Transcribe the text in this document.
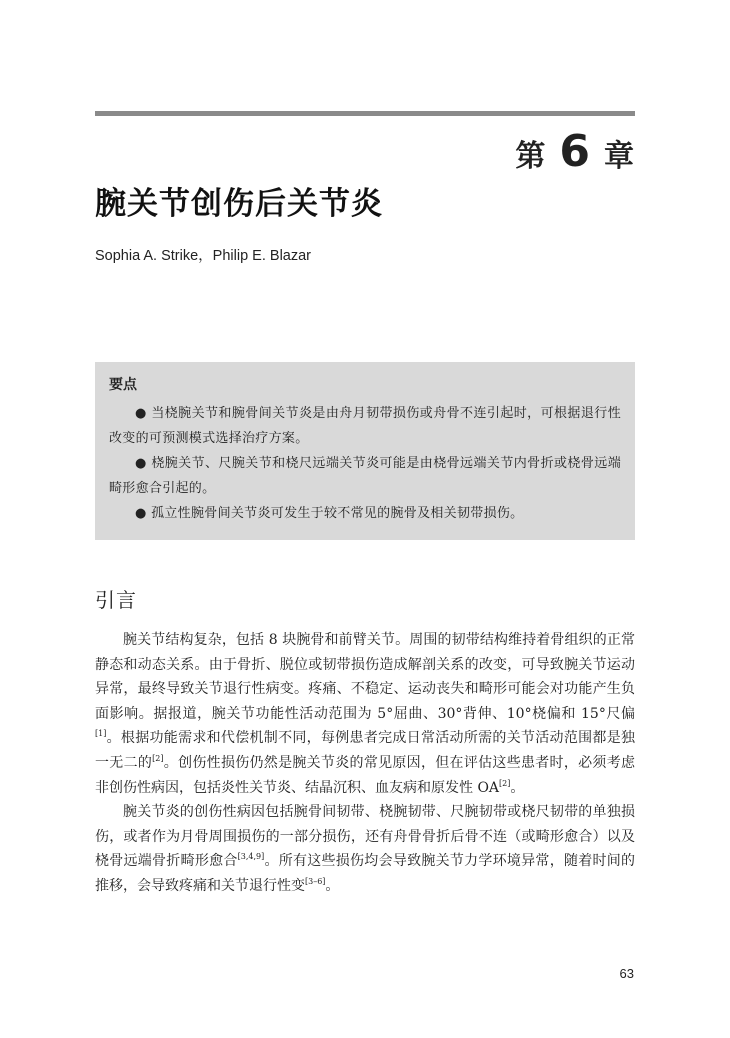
第 6 章
腕关节创伤后关节炎
Sophia A. Strike，Philip E. Blazar
要点
● 当桡腕关节和腕骨间关节炎是由舟月韧带损伤或舟骨不连引起时，可根据退行性改变的可预测模式选择治疗方案。
● 桡腕关节、尺腕关节和桡尺远端关节炎可能是由桡骨远端关节内骨折或桡骨远端畸形愈合引起的。
● 孤立性腕骨间关节炎可发生于较不常见的腕骨及相关韧带损伤。
引言

腕关节结构复杂，包括 8 块腕骨和前臂关节。周围的韧带结构维持着骨组织的正常静态和动态关系。由于骨折、脱位或韧带损伤造成解剖关系的改变，可导致腕关节运动异常，最终导致关节退行性病变。疼痛、不稳定、运动丧失和畸形可能会对功能产生负面影响。据报道，腕关节功能性活动范围为 5°屈曲、30°背伸、10°桡偏和 15°尺偏[1]。根据功能需求和代偿机制不同，每例患者完成日常活动所需的关节活动范围都是独一无二的[2]。创伤性损伤仍然是腕关节炎的常见原因，但在评估这些患者时，必须考虑非创伤性病因，包括炎性关节炎、结晶沉积、血友病和原发性 OA[2]。

腕关节炎的创伤性病因包括腕骨间韧带、桡腕韧带、尺腕韧带或桡尺韧带的单独损伤，或者作为月骨周围损伤的一部分损伤，还有舟骨骨折后骨不连（或畸形愈合）以及桡骨远端骨折畸形愈合[3,4,9]。所有这些损伤均会导致腕关节力学环境异常，随着时间的推移，会导致疼痛和关节退行性变[3–6]。

63
